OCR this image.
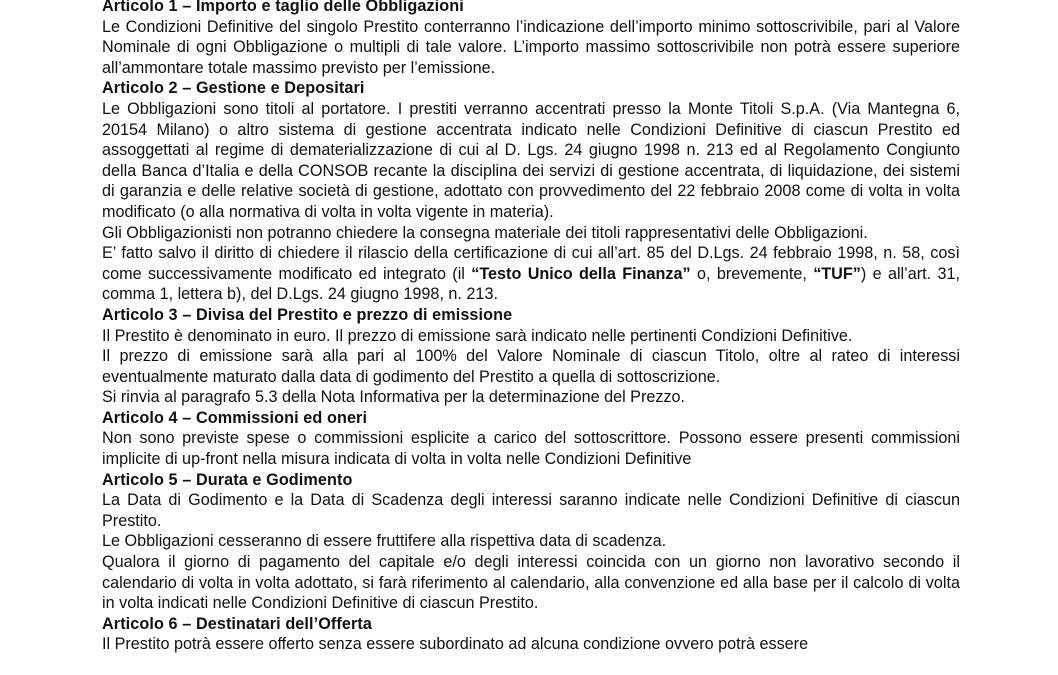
Articolo 1 – Importo e taglio delle Obbligazioni

Le Condizioni Definitive del singolo Prestito conterranno l’indicazione dell’importo minimo sottoscrivibile, pari al Valore Nominale di ogni Obbligazione o multipli di tale valore. L’importo massimo sottoscrivibile non potrà essere superiore all’ammontare totale massimo previsto per l’emissione.

Articolo 2 – Gestione e Depositari

Le Obbligazioni sono titoli al portatore. I prestiti verranno accentrati presso la Monte Titoli S.p.A. (Via Mantegna 6, 20154 Milano) o altro sistema di gestione accentrata indicato nelle Condizioni Definitive di ciascun Prestito ed assoggettati al regime di dematerializzazione di cui al D. Lgs. 24 giugno 1998 n. 213 ed al Regolamento Congiunto della Banca d’Italia e della CONSOB recante la disciplina dei servizi di gestione accentrata, di liquidazione, dei sistemi di garanzia e delle relative società di gestione, adottato con provvedimento del 22 febbraio 2008 come di volta in volta modificato (o alla normativa di volta in volta vigente in materia).

Gli Obbligazionisti non potranno chiedere la consegna materiale dei titoli rappresentativi delle Obbligazioni.

E’ fatto salvo il diritto di chiedere il rilascio della certificazione di cui all’art. 85 del D.Lgs. 24 febbraio 1998, n. 58, così come successivamente modificato ed integrato (il “Testo Unico della Finanza” o, brevemente, “TUF”) e all’art. 31, comma 1, lettera b), del D.Lgs. 24 giugno 1998, n. 213.

Articolo 3 – Divisa del Prestito e prezzo di emissione

Il Prestito è denominato in euro. Il prezzo di emissione sarà indicato nelle pertinenti Condizioni Definitive.

Il prezzo di emissione sarà alla pari al 100% del Valore Nominale di ciascun Titolo, oltre al rateo di interessi eventualmente maturato dalla data di godimento del Prestito a quella di sottoscrizione.

Si rinvia al paragrafo 5.3 della Nota Informativa per la determinazione del Prezzo.

Articolo 4 – Commissioni ed oneri

Non sono previste spese o commissioni esplicite a carico del sottoscrittore. Possono essere presenti commissioni implicite di up-front nella misura indicata di volta in volta nelle Condizioni Definitive

Articolo 5 – Durata e Godimento

La Data di Godimento e la Data di Scadenza degli interessi saranno indicate nelle Condizioni Definitive di ciascun Prestito.

Le Obbligazioni cesseranno di essere fruttifere alla rispettiva data di scadenza.

Qualora il giorno di pagamento del capitale e/o degli interessi coincida con un giorno non lavorativo secondo il calendario di volta in volta adottato, si farà riferimento al calendario, alla convenzione ed alla base per il calcolo di volta in volta indicati nelle Condizioni Definitive di ciascun Prestito.

Articolo 6 – Destinatari dell’Offerta

Il Prestito potrà essere offerto senza essere subordinato ad alcuna condizione ovvero potrà essere
